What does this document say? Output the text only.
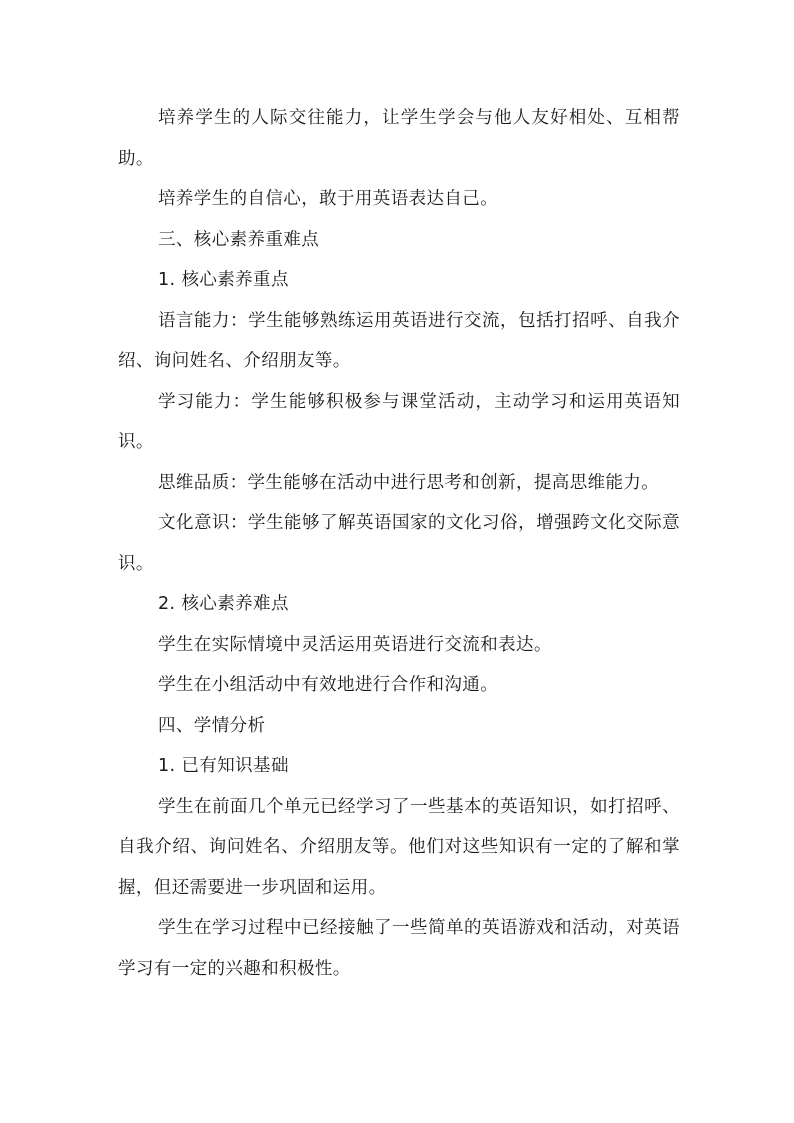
培养学生的人际交往能力，让学生学会与他人友好相处、互相帮助。

培养学生的自信心，敢于用英语表达自己。

三、核心素养重难点

1. 核心素养重点

语言能力：学生能够熟练运用英语进行交流，包括打招呼、自我介绍、询问姓名、介绍朋友等。

学习能力：学生能够积极参与课堂活动，主动学习和运用英语知识。

思维品质：学生能够在活动中进行思考和创新，提高思维能力。

文化意识：学生能够了解英语国家的文化习俗，增强跨文化交际意识。

2. 核心素养难点

学生在实际情境中灵活运用英语进行交流和表达。

学生在小组活动中有效地进行合作和沟通。

四、学情分析

1. 已有知识基础

学生在前面几个单元已经学习了一些基本的英语知识，如打招呼、自我介绍、询问姓名、介绍朋友等。他们对这些知识有一定的了解和掌握，但还需要进一步巩固和运用。

学生在学习过程中已经接触了一些简单的英语游戏和活动，对英语学习有一定的兴趣和积极性。
